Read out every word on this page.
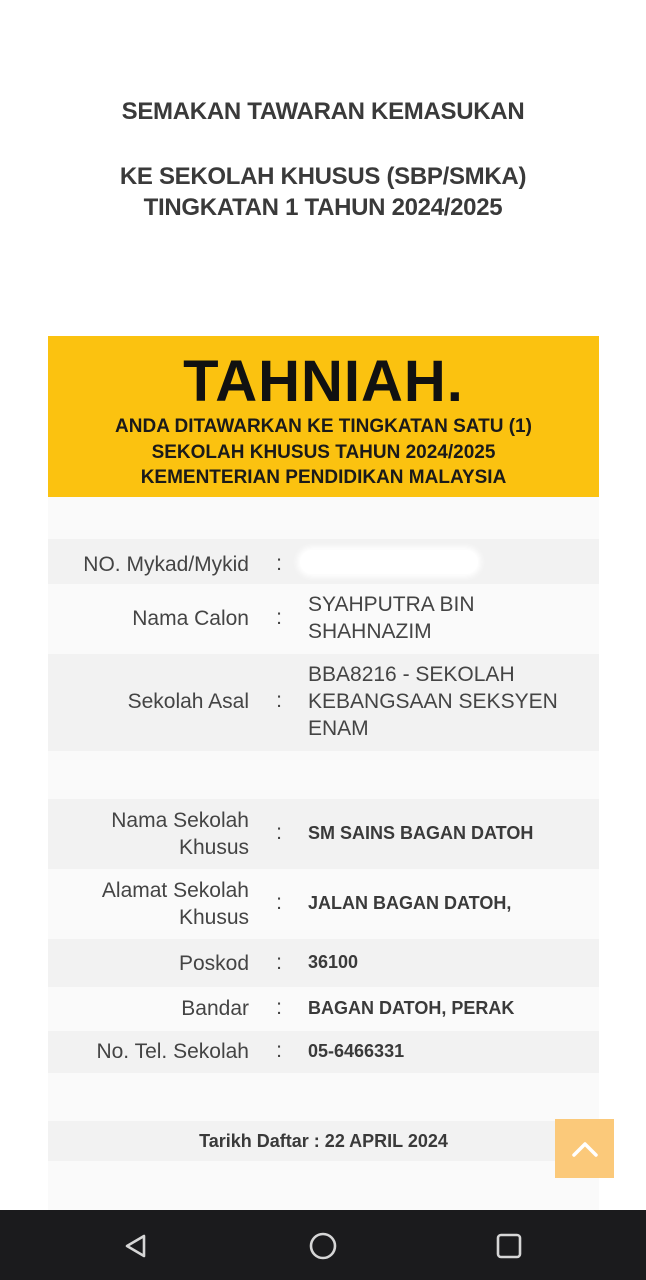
SEMAKAN TAWARAN KEMASUKAN
KE SEKOLAH KHUSUS (SBP/SMKA)
TINGKATAN 1 TAHUN 2024/2025
TAHNIAH.
ANDA DITAWARKAN KE TINGKATAN SATU (1)
SEKOLAH KHUSUS TAHUN 2024/2025
KEMENTERIAN PENDIDIKAN MALAYSIA
NO. Mykad/Mykid :
Nama Calon :
SYAHPUTRA BIN
SHAHNAZIM
Sekolah Asal :
BBA8216 - SEKOLAH
KEBANGSAAN SEKSYEN
ENAM
Nama Sekolah
Khusus
: SM SAINS BAGAN DATOH
Alamat Sekolah
Khusus
: JALAN BAGAN DATOH,
Poskod : 36100
Bandar : BAGAN DATOH, PERAK
No. Tel. Sekolah : 05-6466331
Tarikh Daftar : 22 APRIL 2024
